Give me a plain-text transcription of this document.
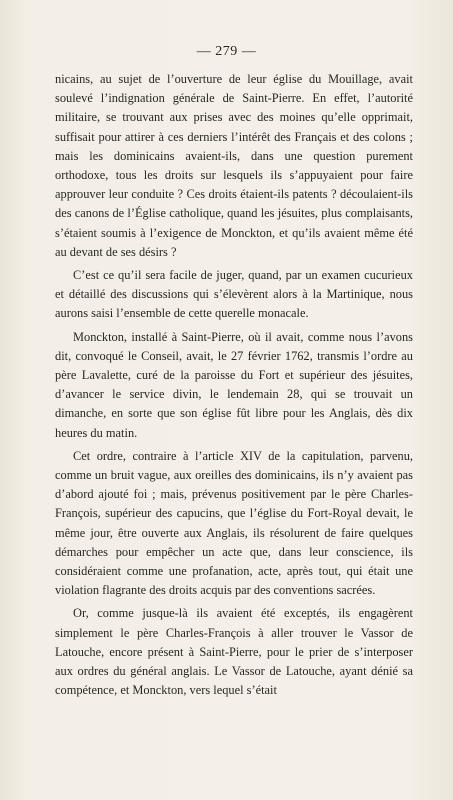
— 279 —

nicains, au sujet de l’ouverture de leur église du Mouillage, avait soulevé l’indignation générale de Saint-Pierre. En effet, l’autorité militaire, se trouvant aux prises avec des moines qu’elle opprimait, suffisait pour attirer à ces derniers l’intérêt des Français et des colons ; mais les dominicains avaient-ils, dans une question purement orthodoxe, tous les droits sur lesquels ils s’appuyaient pour faire approuver leur conduite ? Ces droits étaient-ils patents ? découlaient-ils des canons de l’Église catholique, quand les jésuites, plus complaisants, s’étaient soumis à l’exigence de Monckton, et qu’ils avaient même été au devant de ses désirs ?

C’est ce qu’il sera facile de juger, quand, par un examen cucurieux et détaillé des discussions qui s’élevèrent alors à la Martinique, nous aurons saisi l’ensemble de cette querelle monacale.

Monckton, installé à Saint-Pierre, où il avait, comme nous l’avons dit, convoqué le Conseil, avait, le 27 février 1762, transmis l’ordre au père Lavalette, curé de la paroisse du Fort et supérieur des jésuites, d’avancer le service divin, le lendemain 28, qui se trouvait un dimanche, en sorte que son église fût libre pour les Anglais, dès dix heures du matin.

Cet ordre, contraire à l’article XIV de la capitulation, parvenu, comme un bruit vague, aux oreilles des dominicains, ils n’y avaient pas d’abord ajouté foi ; mais, prévenus positivement par le père Charles-François, supérieur des capucins, que l’église du Fort-Royal devait, le même jour, être ouverte aux Anglais, ils résolurent de faire quelques démarches pour empêcher un acte que, dans leur conscience, ils considéraient comme une profanation, acte, après tout, qui était une violation flagrante des droits acquis par des conventions sacrées.

Or, comme jusque-là ils avaient été exceptés, ils engagèrent simplement le père Charles-François à aller trouver le Vassor de Latouche, encore présent à Saint-Pierre, pour le prier de s’interposer aux ordres du général anglais. Le Vassor de Latouche, ayant dénié sa compétence, et Monckton, vers lequel s’était
